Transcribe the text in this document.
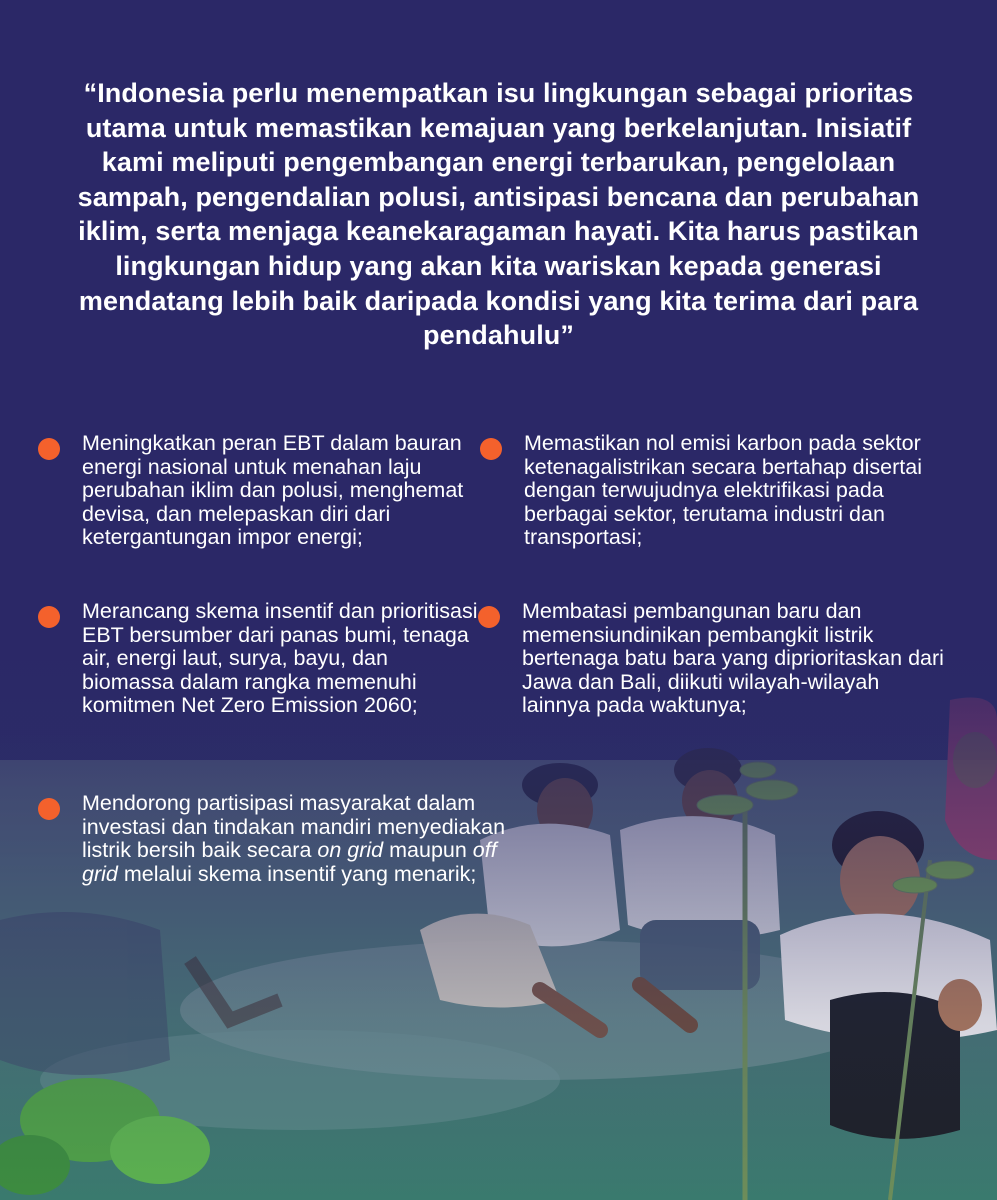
“Indonesia perlu menempatkan isu lingkungan sebagai prioritas utama untuk memastikan kemajuan yang berkelanjutan. Inisiatif kami meliputi pengembangan energi terbarukan, pengelolaan sampah, pengendalian polusi, antisipasi bencana dan perubahan iklim, serta menjaga keanekaragaman hayati. Kita harus pastikan lingkungan hidup yang akan kita wariskan kepada generasi mendatang lebih baik daripada kondisi yang kita terima dari para pendahulu”

Meningkatkan peran EBT dalam bauran energi nasional untuk menahan laju perubahan iklim dan polusi, menghemat devisa, dan melepaskan diri dari ketergantungan impor energi;

Memastikan nol emisi karbon pada sektor ketenagalistrikan secara bertahap disertai dengan terwujudnya elektrifikasi pada berbagai sektor, terutama industri dan transportasi;

Merancang skema insentif dan prioritisasi EBT bersumber dari panas bumi, tenaga air, energi laut, surya, bayu, dan biomassa dalam rangka memenuhi komitmen Net Zero Emission 2060;

Membatasi pembangunan baru dan memensiundinikan pembangkit listrik bertenaga batu bara yang diprioritaskan dari Jawa dan Bali, diikuti wilayah-wilayah lainnya pada waktunya;

Mendorong partisipasi masyarakat dalam investasi dan tindakan mandiri menyediakan listrik bersih baik secara on grid maupun off grid melalui skema insentif yang menarik;
